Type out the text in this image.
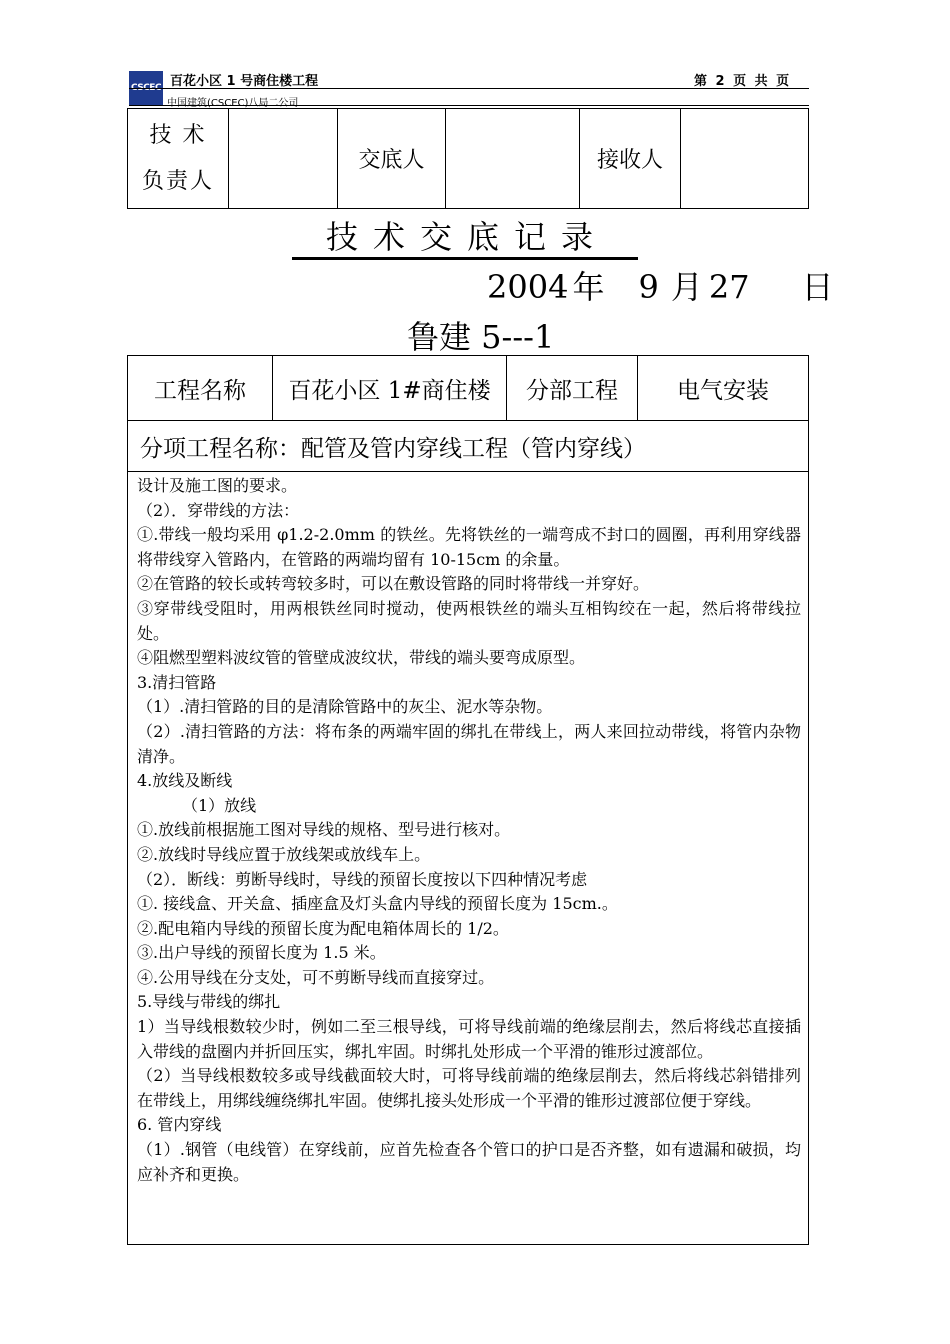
CSCEC 百花小区 1 号商住楼工程	第 2 页 共 页
中国建筑(CSCEC)八局二公司
技 术
负责人
		交底人		接收人	
技术交底记录
2004 年 9 月 27 日
鲁建 5---1
工程名称	百花小区 1#商住楼	分部工程	电气安装
分项工程名称：配管及管内穿线工程（管内穿线）

设计及施工图的要求。

（2）．穿带线的方法：

①.带线一般均采用 φ1.2-2.0mm 的铁丝。先将铁丝的一端弯成不封口的圆圈，再利用穿线器将带线穿入管路内，在管路的两端均留有 10-15cm 的余量。

②在管路的较长或转弯较多时，可以在敷设管路的同时将带线一并穿好。

③穿带线受阻时，用两根铁丝同时搅动，使两根铁丝的端头互相钩绞在一起，然后将带线拉处。

④阻燃型塑料波纹管的管壁成波纹状，带线的端头要弯成原型。

3.清扫管路

（1）.清扫管路的目的是清除管路中的灰尘、泥水等杂物。

（2）.清扫管路的方法：将布条的两端牢固的绑扎在带线上，两人来回拉动带线，将管内杂物清净。

4.放线及断线

（1）放线

①.放线前根据施工图对导线的规格、型号进行核对。

②.放线时导线应置于放线架或放线车上。

（2）．断线：剪断导线时，导线的预留长度按以下四种情况考虑

①. 接线盒、开关盒、插座盒及灯头盒内导线的预留长度为 15cm.。

②.配电箱内导线的预留长度为配电箱体周长的 1/2。

③.出户导线的预留长度为 1.5 米。

④.公用导线在分支处，可不剪断导线而直接穿过。

5.导线与带线的绑扎

1）当导线根数较少时，例如二至三根导线，可将导线前端的绝缘层削去，然后将线芯直接插入带线的盘圈内并折回压实，绑扎牢固。时绑扎处形成一个平滑的锥形过渡部位。

（2）当导线根数较多或导线截面较大时，可将导线前端的绝缘层削去，然后将线芯斜错排列在带线上，用绑线缠绕绑扎牢固。使绑扎接头处形成一个平滑的锥形过渡部位便于穿线。

6. 管内穿线

（1）.钢管（电线管）在穿线前，应首先检查各个管口的护口是否齐整，如有遗漏和破损，均应补齐和更换。
